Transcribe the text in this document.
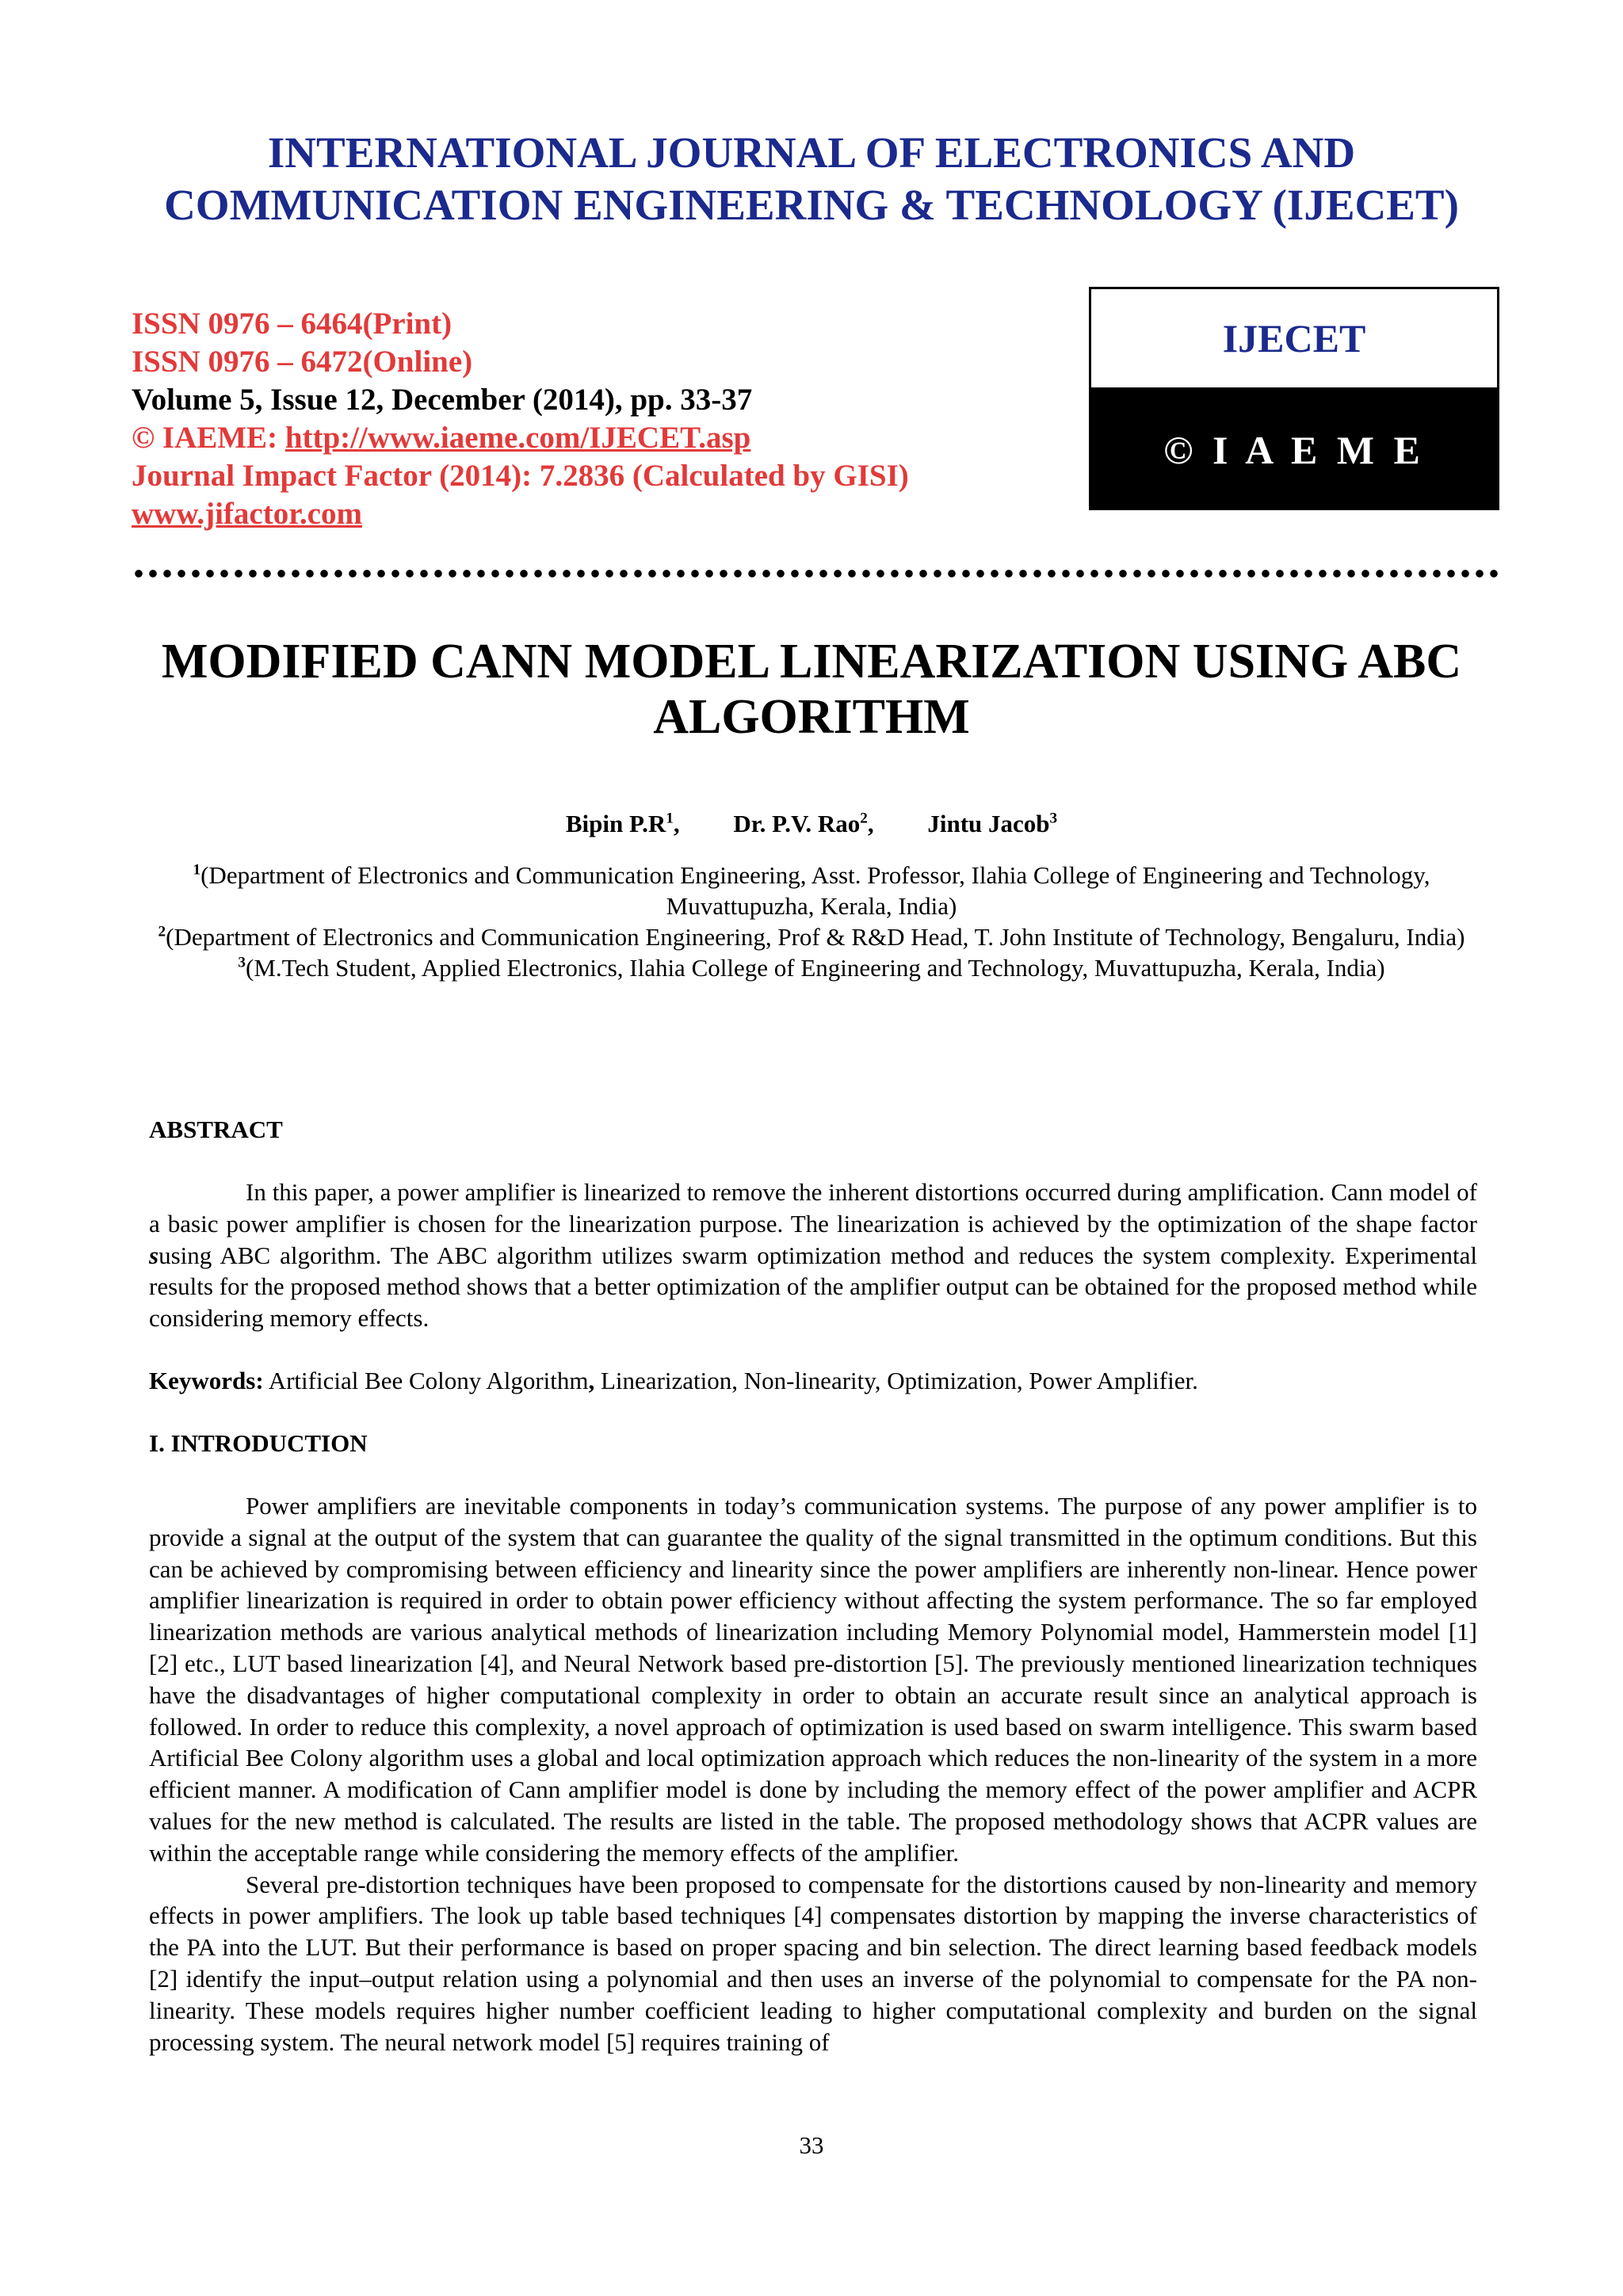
INTERNATIONAL JOURNAL OF ELECTRONICS AND
COMMUNICATION ENGINEERING & TECHNOLOGY (IJECET)
ISSN 0976 – 6464(Print)
ISSN 0976 – 6472(Online)
Volume 5, Issue 12, December (2014), pp. 33-37
© IAEME: http://www.iaeme.com/IJECET.asp
Journal Impact Factor (2014): 7.2836 (Calculated by GISI)
www.jifactor.com
IJECET
© I A E M E
MODIFIED CANN MODEL LINEARIZATION USING ABC
ALGORITHM
Bipin $P.R^1$, Dr. P.V. Rao$^2$, Jintu Jacob$^3$

$^1$(Department of Electronics and Communication Engineering, Asst. Professor, Ilahia College of Engineering and Technology, Muvattupuzha, Kerala, India)

$^2$(Department of Electronics and Communication Engineering, Prof & R&D Head, T. John Institute of Technology, Bengaluru, India)

$^3$(M.Tech Student, Applied Electronics, Ilahia College of Engineering and Technology, Muvattupuzha, Kerala, India)

ABSTRACT

In this paper, a power amplifier is linearized to remove the inherent distortions occurred during amplification. Cann model of a basic power amplifier is chosen for the linearization purpose. The linearization is achieved by the optimization of the shape factor susing ABC algorithm. The ABC algorithm utilizes swarm optimization method and reduces the system complexity. Experimental results for the proposed method shows that a better optimization of the amplifier output can be obtained for the proposed method while considering memory effects.

Keywords: Artificial Bee Colony Algorithm, Linearization, Non-linearity, Optimization, Power Amplifier.

I. INTRODUCTION

Power amplifiers are inevitable components in today’s communication systems. The purpose of any power amplifier is to provide a signal at the output of the system that can guarantee the quality of the signal transmitted in the optimum conditions. But this can be achieved by compromising between efficiency and linearity since the power amplifiers are inherently non-linear. Hence power amplifier linearization is required in order to obtain power efficiency without affecting the system performance. The so far employed linearization methods are various analytical methods of linearization including Memory Polynomial model, Hammerstein model [1] [2] etc., LUT based linearization [4], and Neural Network based pre-distortion [5]. The previously mentioned linearization techniques have the disadvantages of higher computational complexity in order to obtain an accurate result since an analytical approach is followed. In order to reduce this complexity, a novel approach of optimization is used based on swarm intelligence. This swarm based Artificial Bee Colony algorithm uses a global and local optimization approach which reduces the non-linearity of the system in a more efficient manner. A modification of Cann amplifier model is done by including the memory effect of the power amplifier and ACPR values for the new method is calculated. The results are listed in the table. The proposed methodology shows that ACPR values are within the acceptable range while considering the memory effects of the amplifier.

Several pre-distortion techniques have been proposed to compensate for the distortions caused by non-linearity and memory effects in power amplifiers. The look up table based techniques [4] compensates distortion by mapping the inverse characteristics of the PA into the LUT. But their performance is based on proper spacing and bin selection. The direct learning based feedback models [2] identify the input–output relation using a polynomial and then uses an inverse of the polynomial to compensate for the PA non-linearity. These models requires higher number coefficient leading to higher computational complexity and burden on the signal processing system. The neural network model [5] requires training of

33
